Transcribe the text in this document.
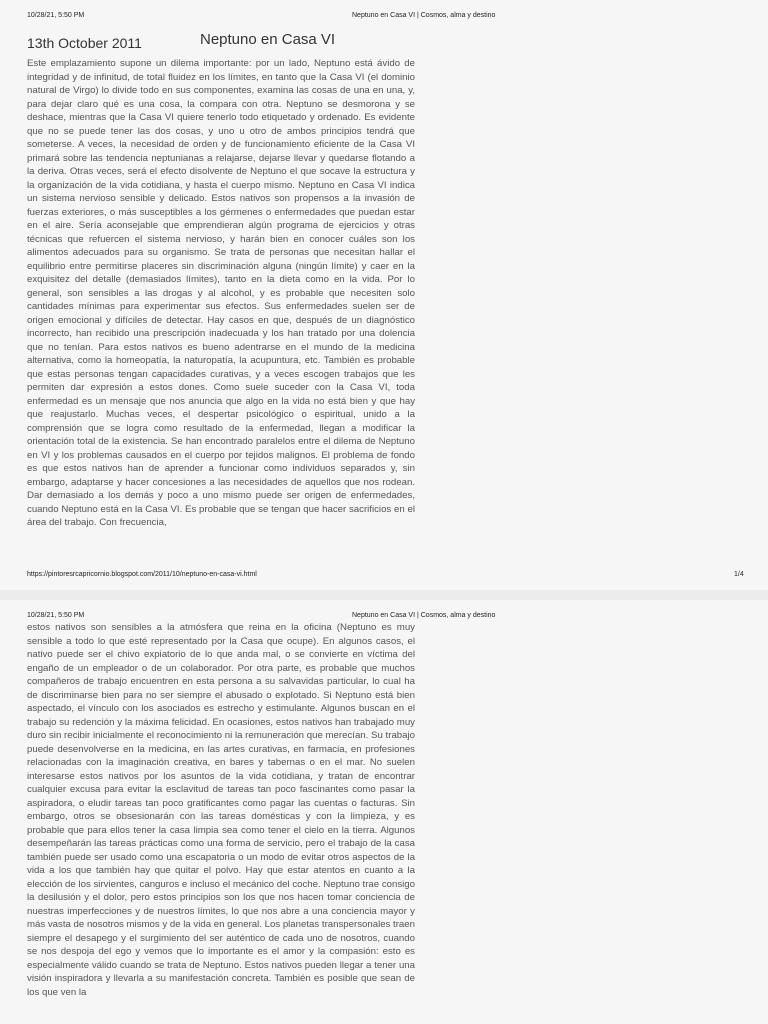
10/28/21, 5:50 PM	Neptuno en Casa VI | Cosmos, alma y destino
13th October 2011	Neptuno en Casa VI

Este emplazamiento supone un dilema importante: por un lado, Neptuno está ávido de integridad y de infinitud, de total fluidez en los límites, en tanto que la Casa VI (el dominio natural de Virgo) lo divide todo en sus componentes, examina las cosas de una en una, y, para dejar claro qué es una cosa, la compara con otra. Neptuno se desmorona y se deshace, mientras que la Casa VI quiere tenerlo todo etiquetado y ordenado. Es evidente que no se puede tener las dos cosas, y uno u otro de ambos principios tendrá que someterse. A veces, la necesidad de orden y de funcionamiento eficiente de la Casa VI primará sobre las tendencia neptunianas a relajarse, dejarse llevar y quedarse flotando a la deriva. Otras veces, será el efecto disolvente de Neptuno el que socave la estructura y la organización de la vida cotidiana, y hasta el cuerpo mismo. Neptuno en Casa VI indica un sistema nervioso sensible y delicado. Estos nativos son propensos a la invasión de fuerzas exteriores, o más susceptibles a los gérmenes o enfermedades que puedan estar en el aire. Sería aconsejable que emprendieran algún programa de ejercicios y otras técnicas que refuercen el sistema nervioso, y harán bien en conocer cuáles son los alimentos adecuados para su organismo. Se trata de personas que necesitan hallar el equilibrio entre permitirse placeres sin discriminación alguna (ningún límite) y caer en la exquisitez del detalle (demasiados límites), tanto en la dieta como en la vida. Por lo general, son sensibles a las drogas y al alcohol, y es probable que necesiten solo cantidades mínimas para experimentar sus efectos. Sus enfermedades suelen ser de origen emocional y difíciles de detectar. Hay casos en que, después de un diagnóstico incorrecto, han recibido una prescripción inadecuada y los han tratado por una dolencia que no tenían. Para estos nativos es bueno adentrarse en el mundo de la medicina alternativa, como la homeopatía, la naturopatía, la acupuntura, etc. También es probable que estas personas tengan capacidades curativas, y a veces escogen trabajos que les permiten dar expresión a estos dones. Como suele suceder con la Casa VI, toda enfermedad es un mensaje que nos anuncia que algo en la vida no está bien y que hay que reajustarlo. Muchas veces, el despertar psicológico o espiritual, unido a la comprensión que se logra como resultado de la enfermedad, llegan a modificar la orientación total de la existencia. Se han encontrado paralelos entre el dilema de Neptuno en VI y los problemas causados en el cuerpo por tejidos malignos. El problema de fondo es que estos nativos han de aprender a funcionar como individuos separados y, sin embargo, adaptarse y hacer concesiones a las necesidades de aquellos que nos rodean. Dar demasiado a los demás y poco a uno mismo puede ser origen de enfermedades, cuando Neptuno está en la Casa VI. Es probable que se tengan que hacer sacrificios en el área del trabajo. Con frecuencia,

https://pintoresrcapricornio.blogspot.com/2011/10/neptuno-en-casa-vi.html	1/4
10/28/21, 5:50 PM	Neptuno en Casa VI | Cosmos, alma y destino

estos nativos son sensibles a la atmósfera que reina en la oficina (Neptuno es muy sensible a todo lo que esté representado por la Casa que ocupe). En algunos casos, el nativo puede ser el chivo expiatorio de lo que anda mal, o se convierte en víctima del engaño de un empleador o de un colaborador. Por otra parte, es probable que muchos compañeros de trabajo encuentren en esta persona a su salvavidas particular, lo cual ha de discriminarse bien para no ser siempre el abusado o explotado. Si Neptuno está bien aspectado, el vínculo con los asociados es estrecho y estimulante. Algunos buscan en el trabajo su redención y la máxima felicidad. En ocasiones, estos nativos han trabajado muy duro sin recibir inicialmente el reconocimiento ni la remuneración que merecían. Su trabajo puede desenvolverse en la medicina, en las artes curativas, en farmacia, en profesiones relacionadas con la imaginación creativa, en bares y tabernas o en el mar. No suelen interesarse estos nativos por los asuntos de la vida cotidiana, y tratan de encontrar cualquier excusa para evitar la esclavitud de tareas tan poco fascinantes como pasar la aspiradora, o eludir tareas tan poco gratificantes como pagar las cuentas o facturas. Sin embargo, otros se obsesionarán con las tareas domésticas y con la limpieza, y es probable que para ellos tener la casa limpia sea como tener el cielo en la tierra. Algunos desempeñarán las tareas prácticas como una forma de servicio, pero el trabajo de la casa también puede ser usado como una escapatoria o un modo de evitar otros aspectos de la vida a los que también hay que quitar el polvo. Hay que estar atentos en cuanto a la elección de los sirvientes, canguros e incluso el mecánico del coche. Neptuno trae consigo la desilusión y el dolor, pero estos principios son los que nos hacen tomar conciencia de nuestras imperfecciones y de nuestros límites, lo que nos abre a una conciencia mayor y más vasta de nosotros mismos y de la vida en general. Los planetas transpersonales traen siempre el desapego y el surgimiento del ser auténtico de cada uno de nosotros, cuando se nos despoja del ego y vemos que lo importante es el amor y la compasión: esto es especialmente válido cuando se trata de Neptuno. Estos nativos pueden llegar a tener una visión inspiradora y llevarla a su manifestación concreta. También es posible que sean de los que ven la
